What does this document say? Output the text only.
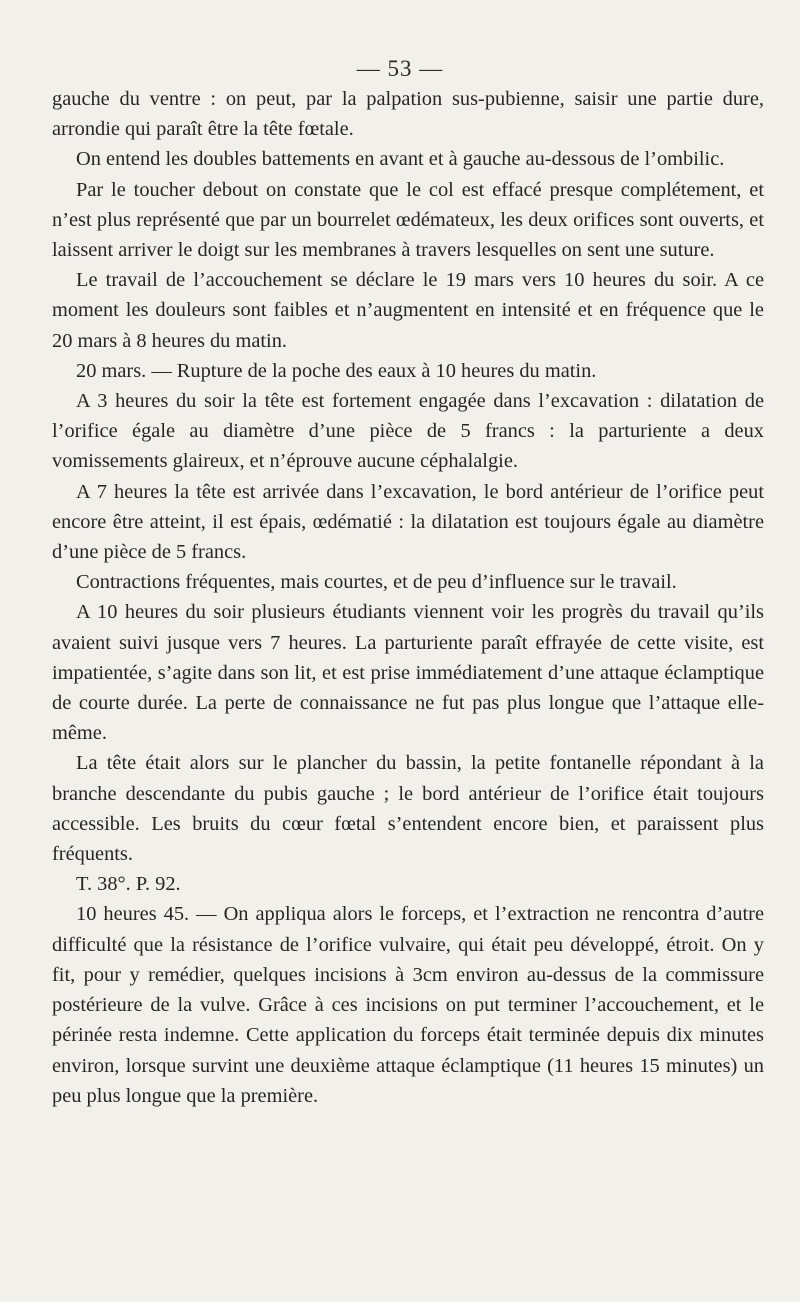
— 53 —

gauche du ventre : on peut, par la palpation sus-pubienne, saisir une partie dure, arrondie qui paraît être la tête fœtale.

On entend les doubles battements en avant et à gauche au-dessous de l’ombilic.

Par le toucher debout on constate que le col est effacé presque complétement, et n’est plus représenté que par un bourrelet œdémateux, les deux orifices sont ouverts, et laissent arriver le doigt sur les membranes à travers lesquelles on sent une suture.

Le travail de l’accouchement se déclare le 19 mars vers 10 heures du soir. A ce moment les douleurs sont faibles et n’augmentent en intensité et en fréquence que le 20 mars à 8 heures du matin.

20 mars. — Rupture de la poche des eaux à 10 heures du matin.

A 3 heures du soir la tête est fortement engagée dans l’excavation : dilatation de l’orifice égale au diamètre d’une pièce de 5 francs : la parturiente a deux vomissements glaireux, et n’éprouve aucune céphalalgie.

A 7 heures la tête est arrivée dans l’excavation, le bord antérieur de l’orifice peut encore être atteint, il est épais, œdématié : la dilatation est toujours égale au diamètre d’une pièce de 5 francs.

Contractions fréquentes, mais courtes, et de peu d’influence sur le travail.

A 10 heures du soir plusieurs étudiants viennent voir les progrès du travail qu’ils avaient suivi jusque vers 7 heures. La parturiente paraît effrayée de cette visite, est impatientée, s’agite dans son lit, et est prise immédiatement d’une attaque éclamptique de courte durée. La perte de connaissance ne fut pas plus longue que l’attaque elle-même.

La tête était alors sur le plancher du bassin, la petite fontanelle répondant à la branche descendante du pubis gauche ; le bord antérieur de l’orifice était toujours accessible. Les bruits du cœur fœtal s’entendent encore bien, et paraissent plus fréquents.

T. 38°. P. 92.

10 heures 45. — On appliqua alors le forceps, et l’extraction ne rencontra d’autre difficulté que la résistance de l’orifice vulvaire, qui était peu développé, étroit. On y fit, pour y remédier, quelques incisions à 3cm environ au-dessus de la commissure postérieure de la vulve. Grâce à ces incisions on put terminer l’accouchement, et le périnée resta indemne. Cette application du forceps était terminée depuis dix minutes environ, lorsque survint une deuxième attaque éclamptique (11 heures 15 minutes) un peu plus longue que la première.
